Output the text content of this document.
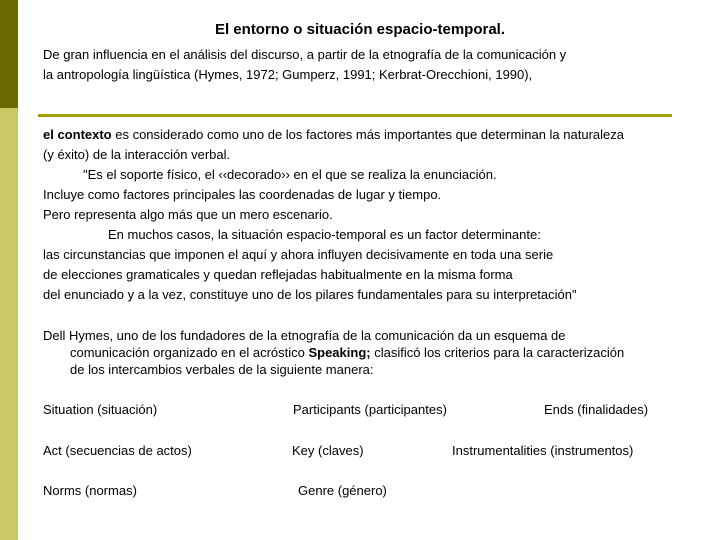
El entorno o situación espacio-temporal.
De gran influencia en el análisis del discurso, a partir de la etnografía de la comunicación y
la antropología lingüística (Hymes, 1972; Gumperz, 1991; Kerbrat-Orecchioni, 1990),

el contexto es considerado como uno de los factores más importantes que determinan la naturaleza

(y éxito) de la interacción verbal.

"Es el soporte físico, el ‹‹decorado›› en el que se realiza la enunciación.

Incluye como factores principales las coordenadas de lugar y tiempo.

Pero representa algo más que un mero escenario.

En muchos casos, la situación espacio-temporal es un factor determinante:

las circunstancias que imponen el aquí y ahora influyen decisivamente en toda una serie

de elecciones gramaticales y quedan reflejadas habitualmente en la misma forma

del enunciado y a la vez, constituye uno de los pilares fundamentales para su interpretación"

Dell Hymes, uno de los fundadores de la etnografía de la comunicación da un esquema de

comunicación organizado en el acróstico Speaking; clasificó los criterios para la caracterización

de los intercambios verbales de la siguiente manera:

Situation (situación)	Participants (participantes)	Ends (finalidades)
Act (secuencias de actos)	Key (claves)	Instrumentalities (instrumentos)
Norms (normas)	Genre (género)
